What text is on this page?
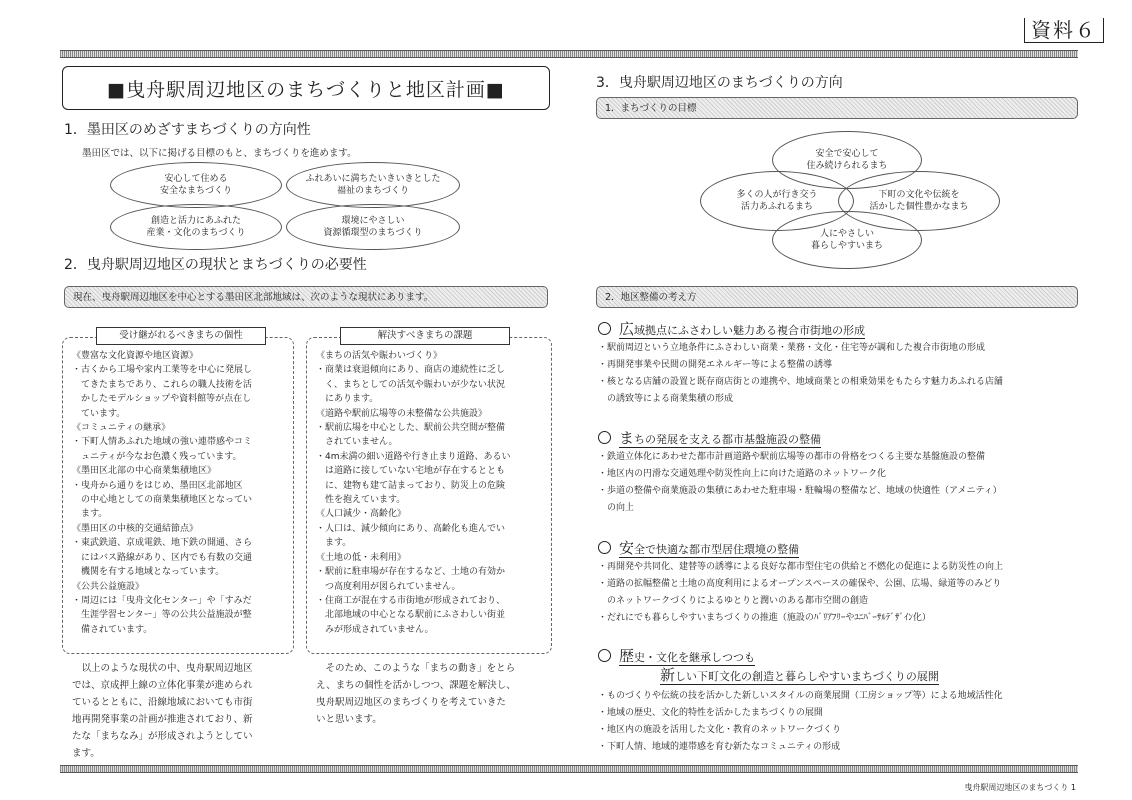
資料６
■曳舟駅周辺地区のまちづくりと地区計画■
1．墨田区のめざすまちづくりの方向性
墨田区では、以下に掲げる目標のもと、まちづくりを進めます。
安心して住める
安全なまちづくり
ふれあいに満ちたいきいきとした
福祉のまちづくり
創造と活力にあふれた
産業・文化のまちづくり
環境にやさしい
資源循環型のまちづくり
2．曳舟駅周辺地区の現状とまちづくりの必要性
現在、曳舟駅周辺地区を中心とする墨田区北部地域は、次のような現状にあります。
受け継がれるべきまちの個性
《豊富な文化資源や地区資源》
・古くから工場や家内工業等を中心に発展し
　てきたまちであり、これらの職人技術を活
　かしたモデルショップや資料館等が点在し
　ています。
《コミュニティの継承》
・下町人情あふれた地域の強い連帯感やコミ
　ュニティが今なお色濃く残っています。
《墨田区北部の中心商業集積地区》
・曳舟から通りをはじめ、墨田区北部地区
　の中心地としての商業集積地区となってい
　ます。
《墨田区の中核的交通結節点》
・東武鉄道、京成電鉄、地下鉄の開通、さら
　にはバス路線があり、区内でも有数の交通
　機関を有する地域となっています。
《公共公益施設》
・周辺には「曳舟文化センター」や「すみだ
　生涯学習センター」等の公共公益施設が整
　備されています。
解決すべきまちの課題
《まちの活気や賑わいづくり》
・商業は衰退傾向にあり、商店の連続性に乏し
　く、まちとしての活気や賑わいが少ない状況
　にあります。
《道路や駅前広場等の未整備な公共施設》
・駅前広場を中心とした、駅前公共空間が整備
　されていません。
・4m未満の細い道路や行き止まり道路、あるい
　は道路に接していない宅地が存在するととも
　に、建物も建て詰まっており、防災上の危険
　性を抱えています。
《人口減少・高齢化》
・人口は、減少傾向にあり、高齢化も進んでい
　ます。
《土地の低・未利用》
・駅前に駐車場が存在するなど、土地の有効か
　つ高度利用が図られていません。
・住商工が混在する市街地が形成されており、
　北部地域の中心となる駅前にふさわしい街並
　みが形成されていません。
　以上のような現状の中、曳舟駅周辺地区
では、京成押上線の立体化事業が進められ
ているとともに、沿線地域においても市街
地再開発事業の計画が推進されており、新
たな「まちなみ」が形成されようとしてい
ます。
　そのため、このような「まちの動き」をとら
え、まちの個性を活かしつつ、課題を解決し、
曳舟駅周辺地区のまちづくりを考えていきた
いと思います。
3．曳舟駅周辺地区のまちづくりの方向
1．まちづくりの目標
安全で安心して
住み続けられるまち
多くの人が行き交う
活力あふれるまち
下町の文化や伝統を
活かした個性豊かなまち
人にやさしい
暮らしやすいまち
2．地区整備の考え方
広域拠点にふさわしい魅力ある複合市街地の形成
・駅前周辺という立地条件にふさわしい商業・業務・文化・住宅等が調和した複合市街地の形成
・再開発事業や民間の開発エネルギー等による整備の誘導
・核となる店舗の設置と既存商店街との連携や、地域商業との相乗効果をもたらす魅力あふれる店舗
　の誘致等による商業集積の形成
まちの発展を支える都市基盤施設の整備
・鉄道立体化にあわせた都市計画道路や駅前広場等の都市の骨格をつくる主要な基盤施設の整備
・地区内の円滑な交通処理や防災性向上に向けた道路のネットワーク化
・歩道の整備や商業施設の集積にあわせた駐車場・駐輪場の整備など、地域の快適性（アメニティ）
　の向上
安全で快適な都市型居住環境の整備
・再開発や共同化、建替等の誘導による良好な都市型住宅の供給と不燃化の促進による防災性の向上
・道路の拡幅整備と土地の高度利用によるオープンスペースの確保や、公園、広場、緑道等のみどり
　のネットワークづくりによるゆとりと潤いのある都市空間の創造
・だれにでも暮らしやすいまちづくりの推進（施設のﾊﾞﾘｱﾌﾘｰやﾕﾆﾊﾞｰｻﾙﾃﾞｻﾞｲﾝ化）
歴史・文化を継承しつつも
新しい下町文化の創造と暮らしやすいまちづくりの展開
・ものづくりや伝統の技を活かした新しいスタイルの商業展開（工房ショップ等）による地域活性化
・地域の歴史、文化的特性を活かしたまちづくりの展開
・地区内の施設を活用した文化・教育のネットワークづくり
・下町人情、地域的連帯感を育む新たなコミュニティの形成
曳舟駅周辺地区のまちづくり 1
